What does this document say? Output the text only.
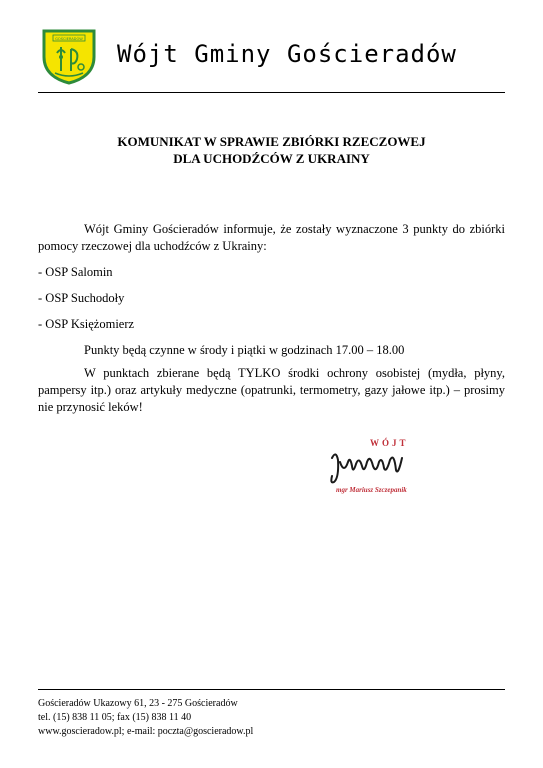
GOŚCIERADÓW
Wójt Gminy Gościeradów
KOMUNIKAT W SPRAWIE ZBIÓRKI RZECZOWEJ
DLA UCHODŹCÓW Z UKRAINY

Wójt Gminy Gościeradów informuje, że zostały wyznaczone 3 punkty do zbiórki pomocy rzeczowej dla uchodźców z Ukrainy:

- OSP Salomin
- OSP Suchodoły
- OSP Księżomierz

Punkty będą czynne w środy i piątki w godzinach 17.00 – 18.00

W punktach zbierane będą TYLKO środki ochrony osobistej (mydła, płyny, pampersy itp.) oraz artykuły medyczne (opatrunki, termometry, gazy jałowe itp.) – prosimy nie przynosić leków!

WÓJT
mgr Mariusz Szczepanik
Gościeradów Ukazowy 61, 23 - 275 Gościeradów
tel. (15) 838 11 05; fax (15) 838 11 40
www.goscieradow.pl; e-mail: poczta@goscieradow.pl
